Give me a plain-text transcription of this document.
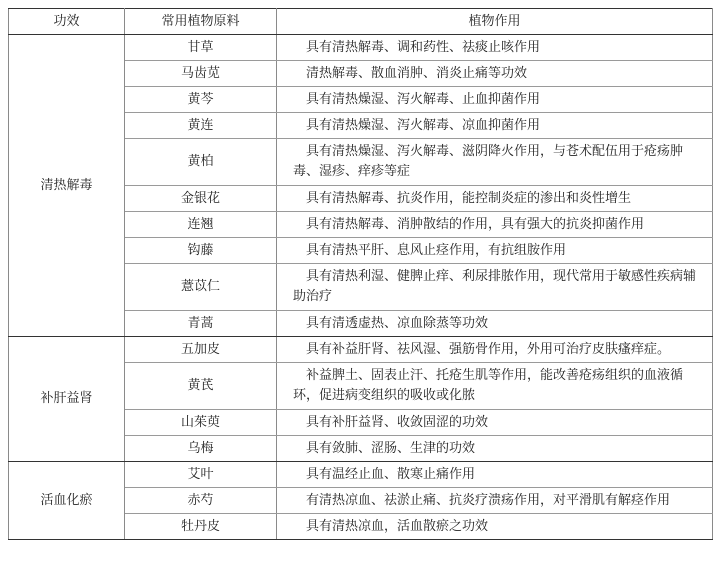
功效	常用植物原料	植物作用
清热解毒	甘草	具有清热解毒、调和药性、祛痰止咳作用
	马齿苋	清热解毒、散血消肿、消炎止痛等功效
	黄芩	具有清热燥湿、泻火解毒、止血抑菌作用
	黄连	具有清热燥湿、泻火解毒、凉血抑菌作用
	黄柏	具有清热燥湿、泻火解毒、滋阴降火作用，与苍术配伍用于疮疡肿毒、湿疹、痒疹等症
	金银花	具有清热解毒、抗炎作用，能控制炎症的渗出和炎性增生
	连翘	具有清热解毒、消肿散结的作用，具有强大的抗炎抑菌作用
	钩藤	具有清热平肝、息风止痉作用，有抗组胺作用
	薏苡仁	具有清热利湿、健脾止痒、利尿排脓作用，现代常用于敏感性疾病辅助治疗
	青蒿	具有清透虚热、凉血除蒸等功效
补肝益肾	五加皮	具有补益肝肾、祛风湿、强筋骨作用，外用可治疗皮肤瘙痒症。
	黄芪	补益脾土、固表止汗、托疮生肌等作用，能改善疮疡组织的血液循环，促进病变组织的吸收或化脓
	山茱萸	具有补肝益肾、收敛固涩的功效
	乌梅	具有敛肺、涩肠、生津的功效
活血化瘀	艾叶	具有温经止血、散寒止痛作用
	赤芍	有清热凉血、祛淤止痛、抗炎疗溃疡作用，对平滑肌有解痉作用
	牡丹皮	具有清热凉血，活血散瘀之功效
